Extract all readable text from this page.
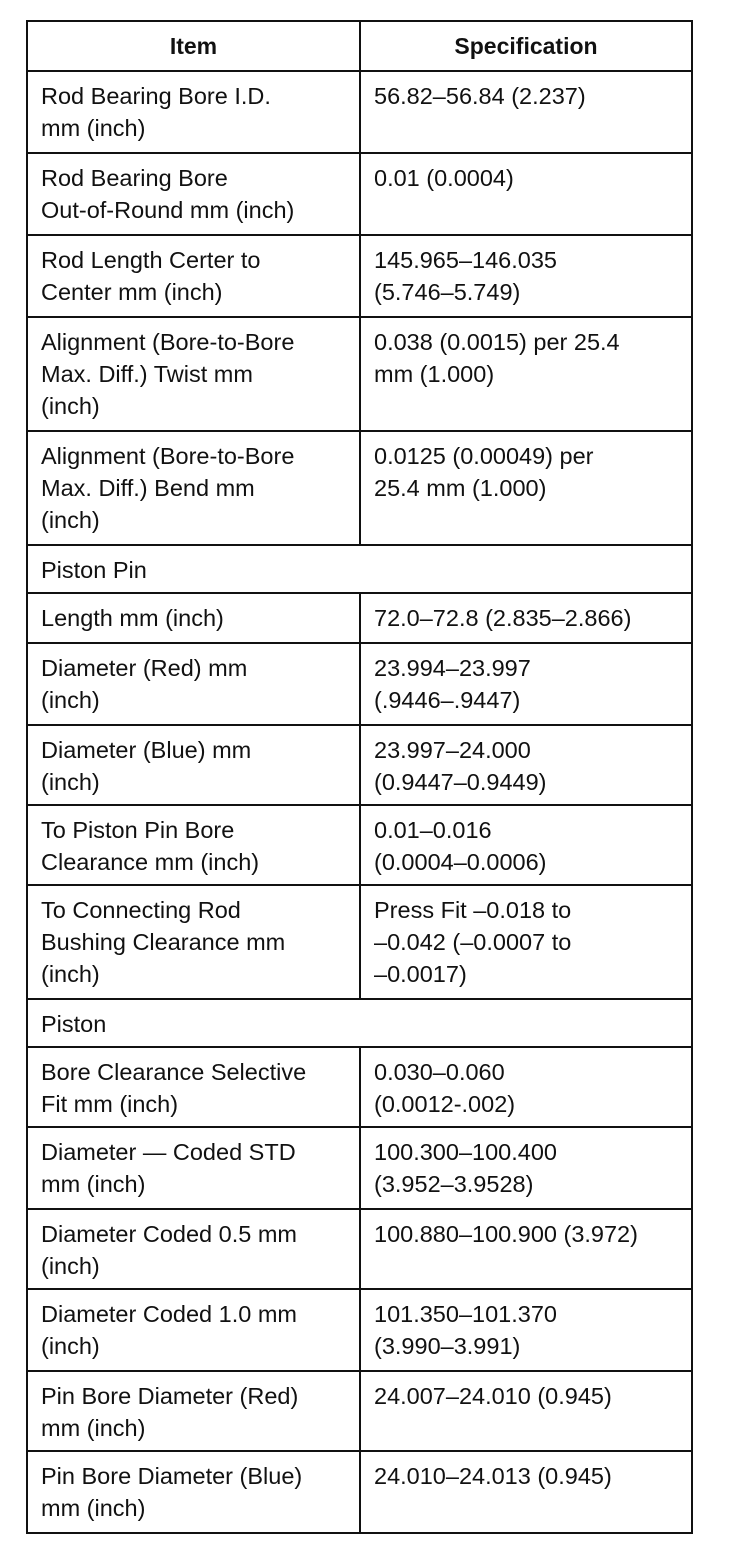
Item	Specification
Rod Bearing Bore I.D.
mm (inch)
56.82–56.84 (2.237)
Rod Bearing Bore
Out-of-Round mm (inch)
0.01 (0.0004)
Rod Length Certer to
Center mm (inch)
145.965–146.035
(5.746–5.749)
Alignment (Bore-to-Bore
Max. Diff.) Twist mm
(inch)
0.038 (0.0015) per 25.4
mm (1.000)
Alignment (Bore-to-Bore
Max. Diff.) Bend mm
(inch)
0.0125 (0.00049) per
25.4 mm (1.000)
Piston Pin
Length mm (inch)	72.0–72.8 (2.835–2.866)
Diameter (Red) mm
(inch)
23.994–23.997
(.9446–.9447)
Diameter (Blue) mm
(inch)
23.997–24.000
(0.9447–0.9449)
To Piston Pin Bore
Clearance mm (inch)
0.01–0.016
(0.0004–0.0006)
To Connecting Rod
Bushing Clearance mm
(inch)
Press Fit –0.018 to
–0.042 (–0.0007 to
–0.0017)
Piston
Bore Clearance Selective
Fit mm (inch)
0.030–0.060
(0.0012-.002)
Diameter — Coded STD
mm (inch)
100.300–100.400
(3.952–3.9528)
Diameter Coded 0.5 mm
(inch)
100.880–100.900 (3.972)
Diameter Coded 1.0 mm
(inch)
101.350–101.370
(3.990–3.991)
Pin Bore Diameter (Red)
mm (inch)
24.007–24.010 (0.945)
Pin Bore Diameter (Blue)
mm (inch)
24.010–24.013 (0.945)
